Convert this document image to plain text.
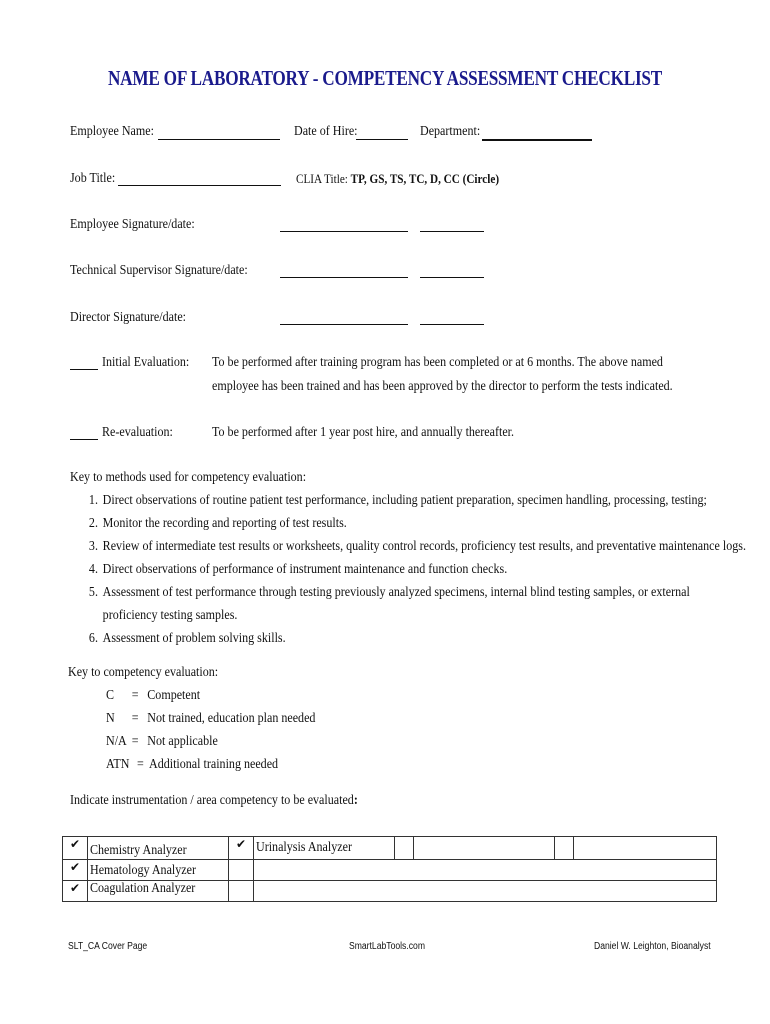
NAME OF LABORATORY - COMPETENCY ASSESSMENT CHECKLIST
Employee Name:	Date of Hire:	Department:
Job Title:	CLIA Title: TP, GS, TS, TC, D, CC (Circle)
Employee Signature/date:
Technical Supervisor Signature/date:
Director Signature/date:
Initial Evaluation: To be performed after training program has been completed or at 6 months. The above named
employee has been trained and has been approved by the director to perform the tests indicated.
Re-evaluation:	To be performed after 1 year post hire, and annually thereafter.
Key to methods used for competency evaluation:
1. Direct observations of routine patient test performance, including patient preparation, specimen handling, processing, testing;
2. Monitor the recording and reporting of test results.
3. Review of intermediate test results or worksheets, quality control records, proficiency test results, and preventative maintenance logs.
4. Direct observations of performance of instrument maintenance and function checks.
5. Assessment of test performance through testing previously analyzed specimens, internal blind testing samples, or external proficiency testing samples.
6. Assessment of problem solving skills.
Key to competency evaluation:
C = Competent
N = Not trained, education plan needed
N/A = Not applicable
ATN = Additional training needed
Indicate instrumentation / area competency to be evaluated:
✔	Chemistry Analyzer	✔	Urinalysis Analyzer				
✔	Hematology Analyzer						
✔	Coagulation Analyzer						
SLT_CA Cover Page	SmartLabTools.com	Daniel W. Leighton, Bioanalyst
